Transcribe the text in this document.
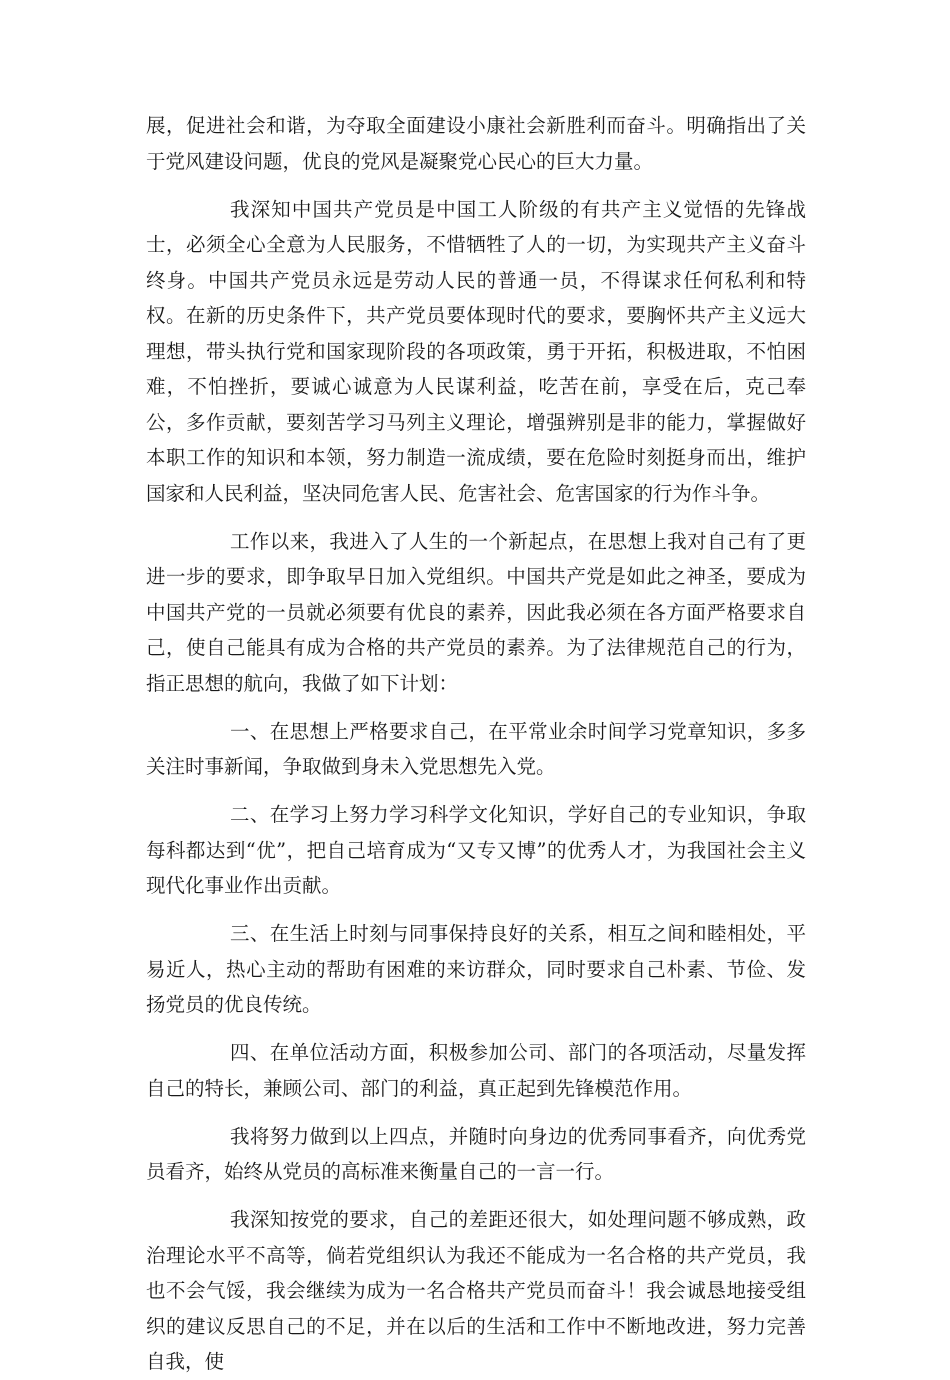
展，促进社会和谐，为夺取全面建设小康社会新胜利而奋斗。明确指出了关于党风建设问题，优良的党风是凝聚党心民心的巨大力量。

我深知中国共产党员是中国工人阶级的有共产主义觉悟的先锋战士，必须全心全意为人民服务，不惜牺牲了人的一切，为实现共产主义奋斗终身。中国共产党员永远是劳动人民的普通一员，不得谋求任何私利和特权。在新的历史条件下，共产党员要体现时代的要求，要胸怀共产主义远大理想，带头执行党和国家现阶段的各项政策，勇于开拓，积极进取，不怕困难，不怕挫折，要诚心诚意为人民谋利益，吃苦在前，享受在后，克己奉公，多作贡献，要刻苦学习马列主义理论，增强辨别是非的能力，掌握做好本职工作的知识和本领，努力制造一流成绩，要在危险时刻挺身而出，维护国家和人民利益，坚决同危害人民、危害社会、危害国家的行为作斗争。

工作以来，我进入了人生的一个新起点，在思想上我对自己有了更进一步的要求，即争取早日加入党组织。中国共产党是如此之神圣，要成为中国共产党的一员就必须要有优良的素养，因此我必须在各方面严格要求自己，使自己能具有成为合格的共产党员的素养。为了法律规范自己的行为，指正思想的航向，我做了如下计划：

一、在思想上严格要求自己，在平常业余时间学习党章知识，多多关注时事新闻，争取做到身未入党思想先入党。

二、在学习上努力学习科学文化知识，学好自己的专业知识，争取每科都达到“优”，把自己培育成为“又专又博”的优秀人才，为我国社会主义现代化事业作出贡献。

三、在生活上时刻与同事保持良好的关系，相互之间和睦相处，平易近人，热心主动的帮助有困难的来访群众，同时要求自己朴素、节俭、发扬党员的优良传统。

四、在单位活动方面，积极参加公司、部门的各项活动，尽量发挥自己的特长，兼顾公司、部门的利益，真正起到先锋模范作用。

我将努力做到以上四点，并随时向身边的优秀同事看齐，向优秀党员看齐，始终从党员的高标准来衡量自己的一言一行。

我深知按党的要求，自己的差距还很大，如处理问题不够成熟，政治理论水平不高等，倘若党组织认为我还不能成为一名合格的共产党员，我也不会气馁，我会继续为成为一名合格共产党员而奋斗！我会诚恳地接受组织的建议反思自己的不足，并在以后的生活和工作中不断地改进，努力完善自我，使
